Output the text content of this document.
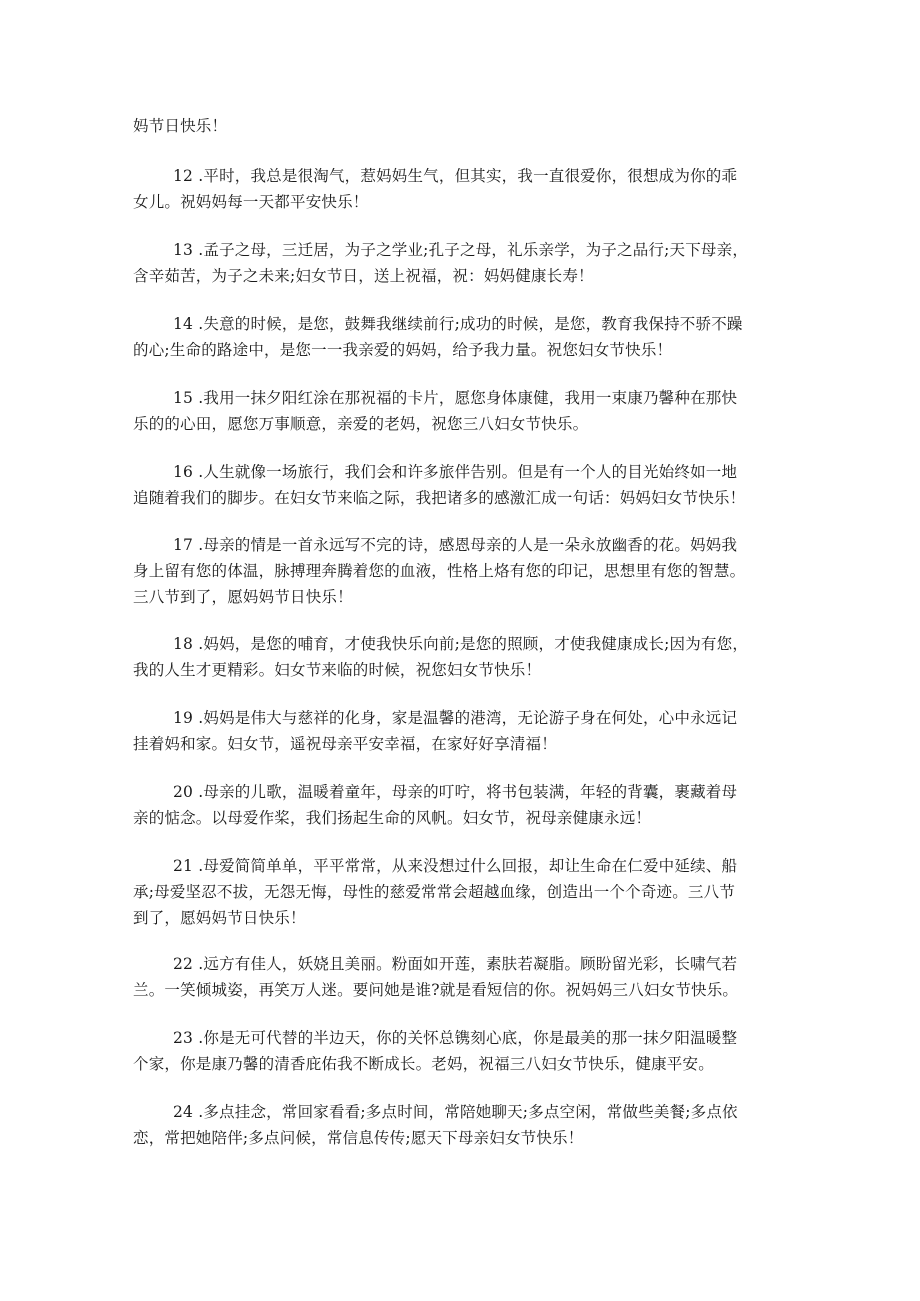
妈节日快乐！

12 .平时，我总是很淘气，惹妈妈生气，但其实，我一直很爱你，很想成为你的乖
女儿。祝妈妈每一天都平安快乐！

13 .孟子之母，三迁居，为子之学业;孔子之母，礼乐亲学，为子之品行;天下母亲，
含辛茹苦，为子之未来;妇女节日，送上祝福，祝：妈妈健康长寿！

14 .失意的时候，是您，鼓舞我继续前行;成功的时候，是您，教育我保持不骄不躁
的心;生命的路途中，是您一一我亲爱的妈妈，给予我力量。祝您妇女节快乐！

15 .我用一抹夕阳红涂在那祝福的卡片，愿您身体康健，我用一束康乃馨种在那快
乐的的心田，愿您万事顺意，亲爱的老妈，祝您三八妇女节快乐。

16 .人生就像一场旅行，我们会和许多旅伴告别。但是有一个人的目光始终如一地
追随着我们的脚步。在妇女节来临之际，我把诸多的感激汇成一句话：妈妈妇女节快乐！

17 .母亲的情是一首永远写不完的诗，感恩母亲的人是一朵永放幽香的花。妈妈我
身上留有您的体温，脉搏理奔腾着您的血液，性格上烙有您的印记，思想里有您的智慧。
三八节到了，愿妈妈节日快乐！

18 .妈妈，是您的哺育，才使我快乐向前;是您的照顾，才使我健康成长;因为有您，
我的人生才更精彩。妇女节来临的时候，祝您妇女节快乐！

19 .妈妈是伟大与慈祥的化身，家是温馨的港湾，无论游子身在何处，心中永远记
挂着妈和家。妇女节，遥祝母亲平安幸福，在家好好享清福！

20 .母亲的儿歌，温暖着童年，母亲的叮咛，将书包装满，年轻的背囊，裹藏着母
亲的惦念。以母爱作桨，我们扬起生命的风帆。妇女节，祝母亲健康永远！

21 .母爱简简单单，平平常常，从来没想过什么回报，却让生命在仁爱中延续、船
承;母爱坚忍不拔，无怨无悔，母性的慈爱常常会超越血缘，创造出一个个奇迹。三八节
到了，愿妈妈节日快乐！

22 .远方有佳人，妖娆且美丽。粉面如开莲，素肤若凝脂。顾盼留光彩，长啸气若
兰。一笑倾城姿，再笑万人迷。要问她是谁?就是看短信的你。祝妈妈三八妇女节快乐。

23 .你是无可代替的半边天，你的关怀总镌刻心底，你是最美的那一抹夕阳温暖整
个家，你是康乃馨的清香庇佑我不断成长。老妈，祝福三八妇女节快乐，健康平安。

24 .多点挂念，常回家看看;多点时间，常陪她聊天;多点空闲，常做些美餐;多点依
恋，常把她陪伴;多点问候，常信息传传;愿天下母亲妇女节快乐！
